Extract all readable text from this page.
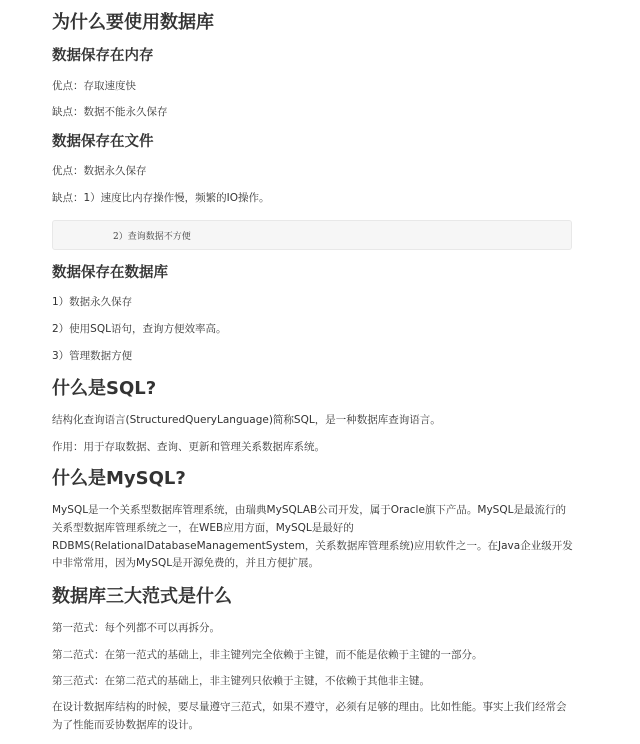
为什么要使用数据库
数据保存在内存

优点：存取速度快

缺点：数据不能永久保存

数据保存在文件

优点：数据永久保存

缺点：1）速度比内存操作慢，频繁的IO操作。

2）查询数据不方便
数据保存在数据库

1）数据永久保存

2）使用SQL语句，查询方便效率高。

3）管理数据方便

什么是SQL?

结构化查询语言(StructuredQueryLanguage)简称SQL，是一种数据库查询语言。

作用：用于存取数据、查询、更新和管理关系数据库系统。

什么是MySQL?

MySQL是一个关系型数据库管理系统，由瑞典MySQLAB公司开发，属于Oracle旗下产品。MySQL是最流行的关系型数据库管理系统之一，在WEB应用方面，MySQL是最好的 RDBMS(RelationalDatabaseManagementSystem，关系数据库管理系统)应用软件之一。在Java企业级开发中非常常用，因为MySQL是开源免费的，并且方便扩展。

数据库三大范式是什么

第一范式：每个列都不可以再拆分。

第二范式：在第一范式的基础上，非主键列完全依赖于主键，而不能是依赖于主键的一部分。

第三范式：在第二范式的基础上，非主键列只依赖于主键，不依赖于其他非主键。

在设计数据库结构的时候，要尽量遵守三范式，如果不遵守，必须有足够的理由。比如性能。事实上我们经常会为了性能而妥协数据库的设计。
